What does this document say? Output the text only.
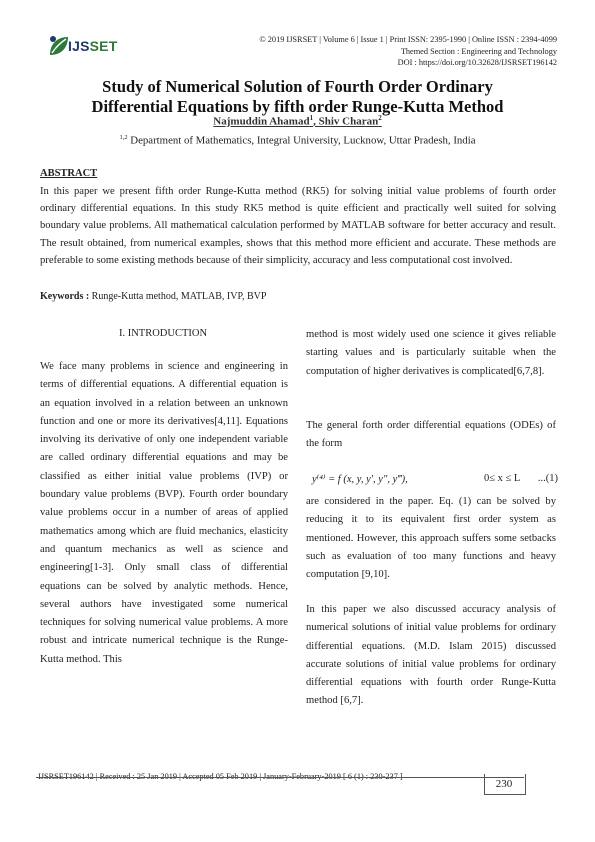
IJSSET	© 2019 IJSRSET | Volume 6 | Issue 1 | Print ISSN: 2395-1990 | Online ISSN : 2394-4099
Themed Section : Engineering and Technology
DOI : https://doi.org/10.32628/IJSRSET196142
Study of Numerical Solution of Fourth Order Ordinary
Differential Equations by fifth order Runge-Kutta Method
Najmuddin Ahamad$^1$, Shiv Charan$^2$
$^{1,2}$ Department of Mathematics, Integral University, Lucknow, Uttar Pradesh, India
ABSTRACT
In this paper we present fifth order Runge-Kutta method (RK5) for solving initial value problems of fourth order ordinary differential equations. In this study RK5 method is quite efficient and practically well suited for solving boundary value problems. All mathematical calculation performed by MATLAB software for better accuracy and result. The result obtained, from numerical examples, shows that this method more efficient and accurate. These methods are preferable to some existing methods because of their simplicity, accuracy and less computational cost involved.
Keywords : Runge-Kutta method, MATLAB, IVP, BVP
I. INTRODUCTION
We face many problems in science and engineering in terms of differential equations. A differential equation is an equation involved in a relation between an unknown function and one or more its derivatives[4,11]. Equations involving its derivative of only one independent variable are called ordinary differential equations and may be classified as either initial value problems (IVP) or boundary value problems (BVP). Fourth order boundary value problems occur in a number of areas of applied mathematics among which are fluid mechanics, elasticity and quantum mechanics as well as science and engineering[1-3]. Only small class of differential equations can be solved by analytic methods. Hence, several authors have investigated some numerical techniques for solving numerical value problems. A more robust and intricate numerical technique is the Runge-Kutta method. This

method is most widely used one science it gives reliable starting values and is particularly suitable when the computation of higher derivatives is complicated[6,7,8].

The general forth order differential equations (ODEs) of the form

y⁽⁴⁾ = f (x, y, y′, y″, y‴),	0≤ x ≤ L ...(1)

are considered in the paper. Eq. (1) can be solved by reducing it to its equivalent first order system as mentioned. However, this approach suffers some setbacks such as evaluation of too many functions and heavy computation [9,10].

In this paper we also discussed accuracy analysis of numerical solutions of initial value problems for ordinary differential equations. (M.D. Islam 2015) discussed accurate solutions of initial value problems for ordinary differential equations with fourth order Runge-Kutta method [6,7].

IJSRSET196142 | Received : 25 Jan 2019 | Accepted 05 Feb 2019 | January-February-2019 [ 6 (1) : 230-237 ]
230
